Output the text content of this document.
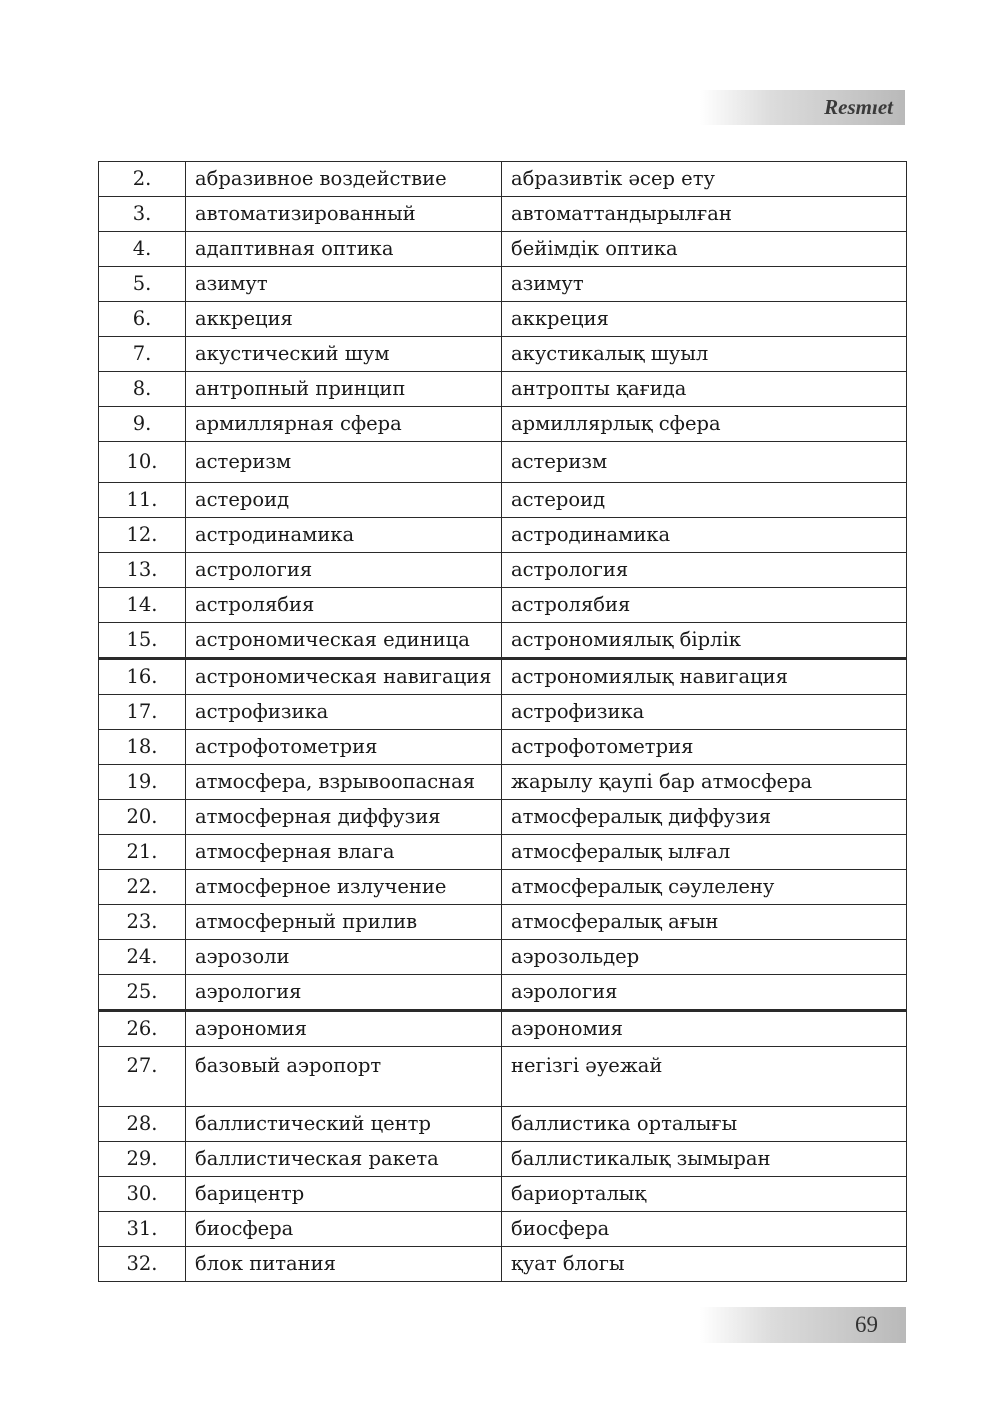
Resmıet
2.	абразивное воздействие	абразивтік әсер ету
3.	автоматизированный	автоматтандырылған
4.	адаптивная оптика	бейімдік оптика
5.	азимут	азимут
6.	аккреция	аккреция
7.	акустический шум	акустикалық шуыл
8.	антропный принцип	антропты қағида
9.	армиллярная сфера	армиллярлық сфера
10.	астеризм	астеризм
11.	астероид	астероид
12.	астродинамика	астродинамика
13.	астрология	астрология
14.	астролябия	астролябия
15.	астрономическая единица	астрономиялық бірлік
16.	астрономическая навигация	астрономиялық навигация
17.	астрофизика	астрофизика
18.	астрофотометрия	астрофотометрия
19.	атмосфера, взрывоопасная	жарылу қаупі бар атмосфера
20.	атмосферная диффузия	атмосфералық диффузия
21.	атмосферная влага	атмосфералық ылғал
22.	атмосферное излучение	атмосфералық сәулелену
23.	атмосферный прилив	атмосфералық ағын
24.	аэрозоли	аэрозольдер
25.	аэрология	аэрология
26.	аэрономия	аэрономия
27.	базовый аэропорт	негізгі әуежай
28.	баллистический центр	баллистика орталығы
29.	баллистическая ракета	баллистикалық зымыран
30.	барицентр	бариорталық
31.	биосфера	биосфера
32.	блок питания	қуат блогы
69
